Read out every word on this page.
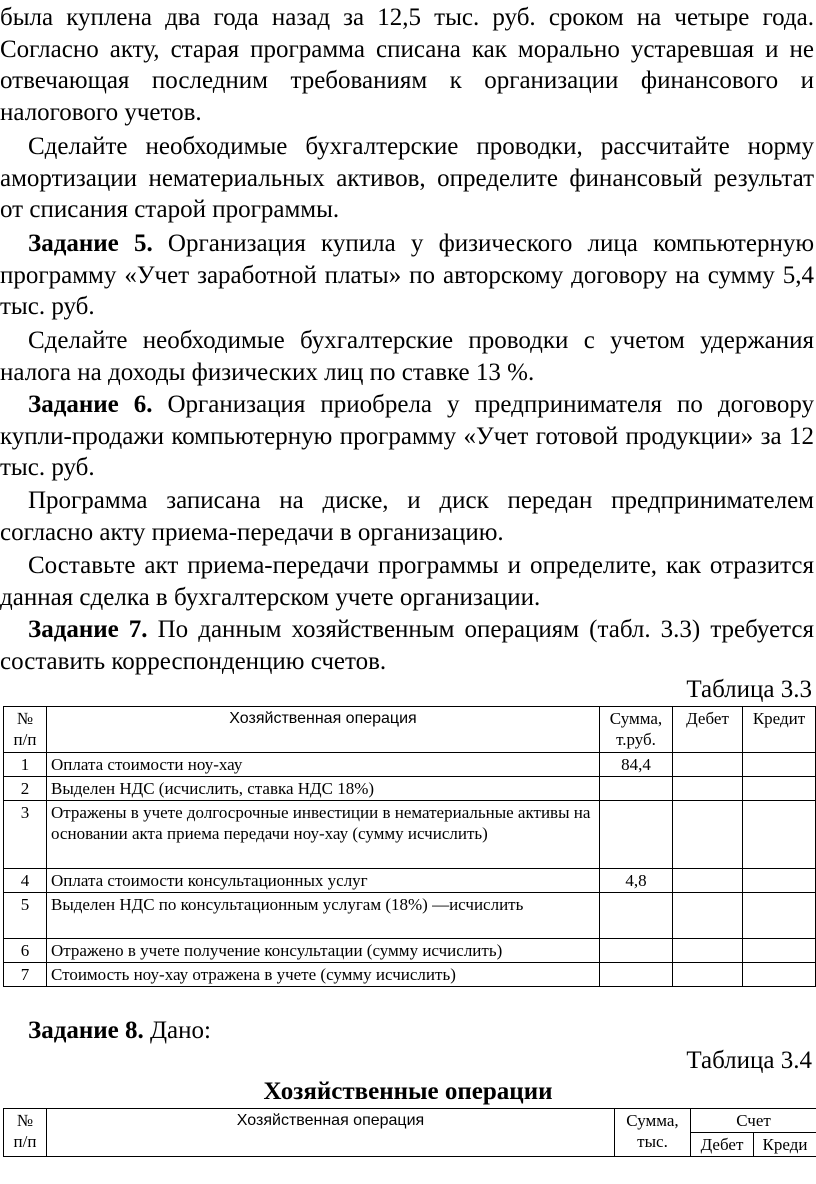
была куплена два года назад за 12,5 тыс. руб. сроком на четыре года. Согласно акту, старая программа списана как морально устаревшая и не отвечающая последним требованиям к организации финансового и налогового учетов.

Сделайте необходимые бухгалтерские проводки, рассчитайте норму амортизации нематериальных активов, определите финансовый результат от списания старой программы.

Задание 5. Организация купила у физического лица компьютерную программу «Учет заработной платы» по авторскому договору на сумму 5,4 тыс. руб.

Сделайте необходимые бухгалтерские проводки с учетом удержания налога на доходы физических лиц по ставке 13 %.

Задание 6. Организация приобрела у предпринимателя по договору купли-продажи компьютерную программу «Учет готовой продукции» за 12 тыс. руб.

Программа записана на диске, и диск передан предпринимателем согласно акту приема-передачи в организацию.

Составьте акт приема-передачи программы и определите, как отразится данная сделка в бухгалтерском учете организации.

Задание 7. По данным хозяйственным операциям (табл. 3.3) требуется составить корреспонденцию счетов.

Таблица 3.3
№ п/п	Хозяйственная операция	Сумма, т.руб.	Дебет	Кредит
1	Оплата стоимости ноу-хау	84,4		
2	Выделен НДС (исчислить, ставка НДС 18%)			
3	Отражены в учете долгосрочные инвестиции в нематериальные активы на основании акта приема передачи ноу-хау (сумму исчислить)			
4	Оплата стоимости консультационных услуг	4,8		
5	Выделен НДС по консультационным услугам (18%) —исчислить			
6	Отражено в учете получение консультации (сумму исчислить)			
7	Стоимость ноу-хау отражена в учете (сумму исчислить)			

Задание 8. Дано:

Таблица 3.4
Хозяйственные операции
№ п/п	Хозяйственная операция	Сумма, тыс.	Счет	
			Дебет	Креди
